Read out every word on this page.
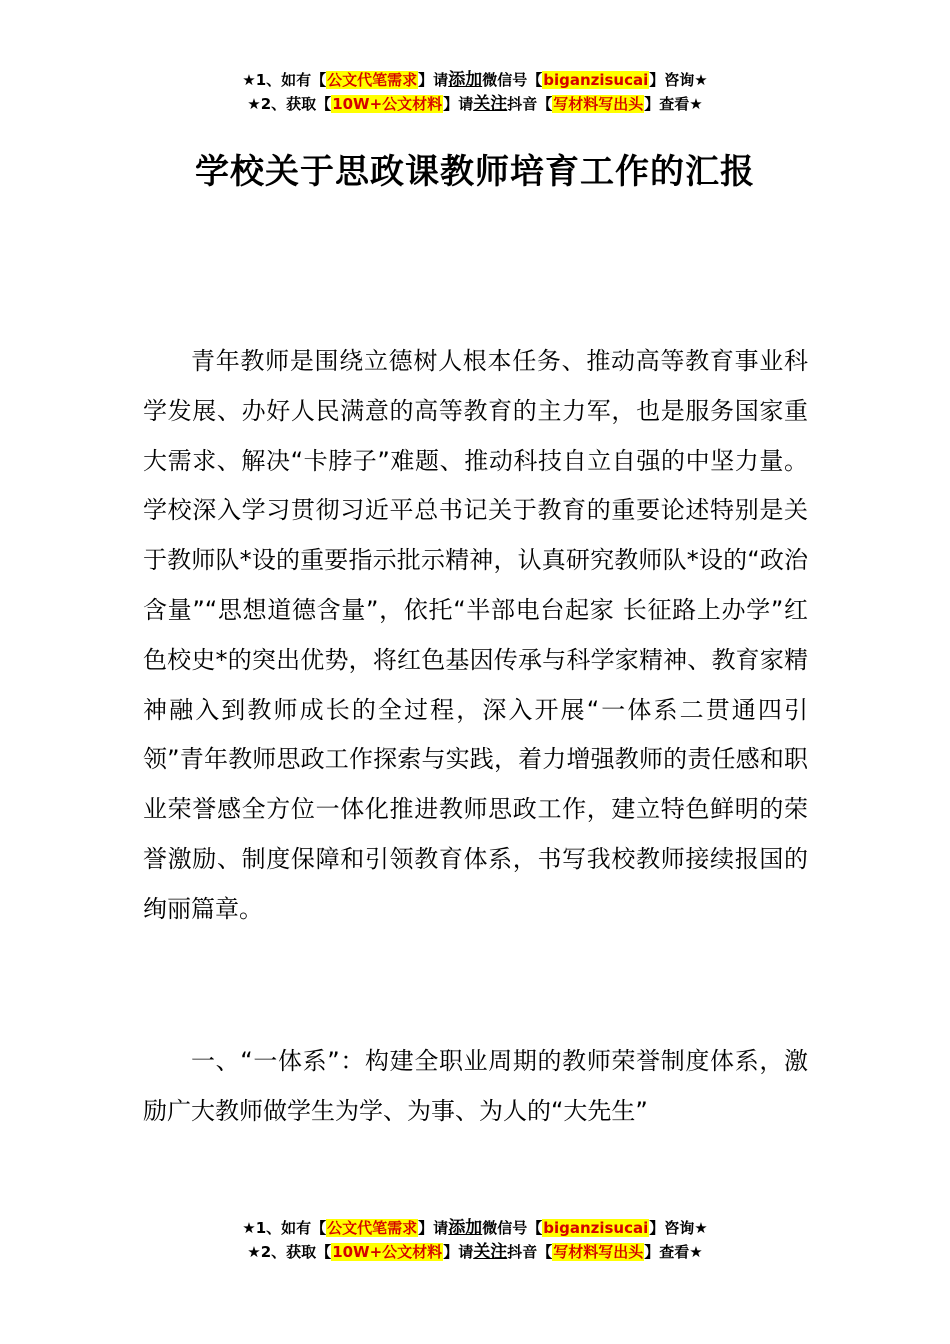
★1、如有【公文代笔需求】请添加微信号【biganzisucai】咨询★
★2、获取【10W+公文材料】请关注抖音【写材料写出头】查看★
学校关于思政课教师培育工作的汇报

青年教师是围绕立德树人根本任务、推动高等教育事业科学发展、办好人民满意的高等教育的主力军，也是服务国家重大需求、解决“卡脖子”难题、推动科技自立自强的中坚力量。学校深入学习贯彻习近平总书记关于教育的重要论述特别是关于教师队*设的重要指示批示精神，认真研究教师队*设的“政治含量”“思想道德含量”，依托“半部电台起家 长征路上办学”红色校史*的突出优势，将红色基因传承与科学家精神、教育家精神融入到教师成长的全过程，深入开展“一体系二贯通四引领”青年教师思政工作探索与实践，着力增强教师的责任感和职业荣誉感全方位一体化推进教师思政工作，建立特色鲜明的荣誉激励、制度保障和引领教育体系，书写我校教师接续报国的绚丽篇章。

一、“一体系”：构建全职业周期的教师荣誉制度体系，激励广大教师做学生为学、为事、为人的“大先生”

★1、如有【公文代笔需求】请添加微信号【biganzisucai】咨询★
★2、获取【10W+公文材料】请关注抖音【写材料写出头】查看★
